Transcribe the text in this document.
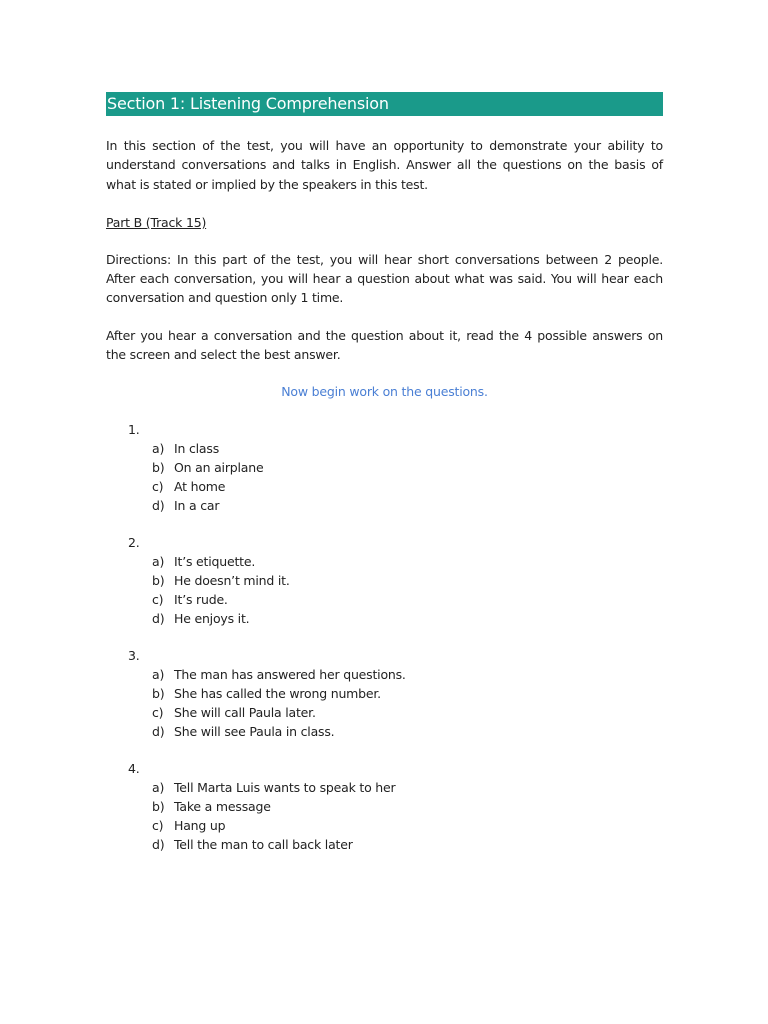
Section 1: Listening Comprehension

In this section of the test, you will have an opportunity to demonstrate your ability to understand conversations and talks in English. Answer all the questions on the basis of what is stated or implied by the speakers in this test.

Part B (Track 15)

Directions: In this part of the test, you will hear short conversations between 2 people. After each conversation, you will hear a question about what was said. You will hear each conversation and question only 1 time.

After you hear a conversation and the question about it, read the 4 possible answers on the screen and select the best answer.

Now begin work on the questions.
1.
a) In class
b) On an airplane
c) At home
d) In a car
2.
a) It’s etiquette.
b) He doesn’t mind it.
c) It’s rude.
d) He enjoys it.
3.
a) The man has answered her questions.
b) She has called the wrong number.
c) She will call Paula later.
d) She will see Paula in class.
4.
a) Tell Marta Luis wants to speak to her
b) Take a message
c) Hang up
d) Tell the man to call back later
